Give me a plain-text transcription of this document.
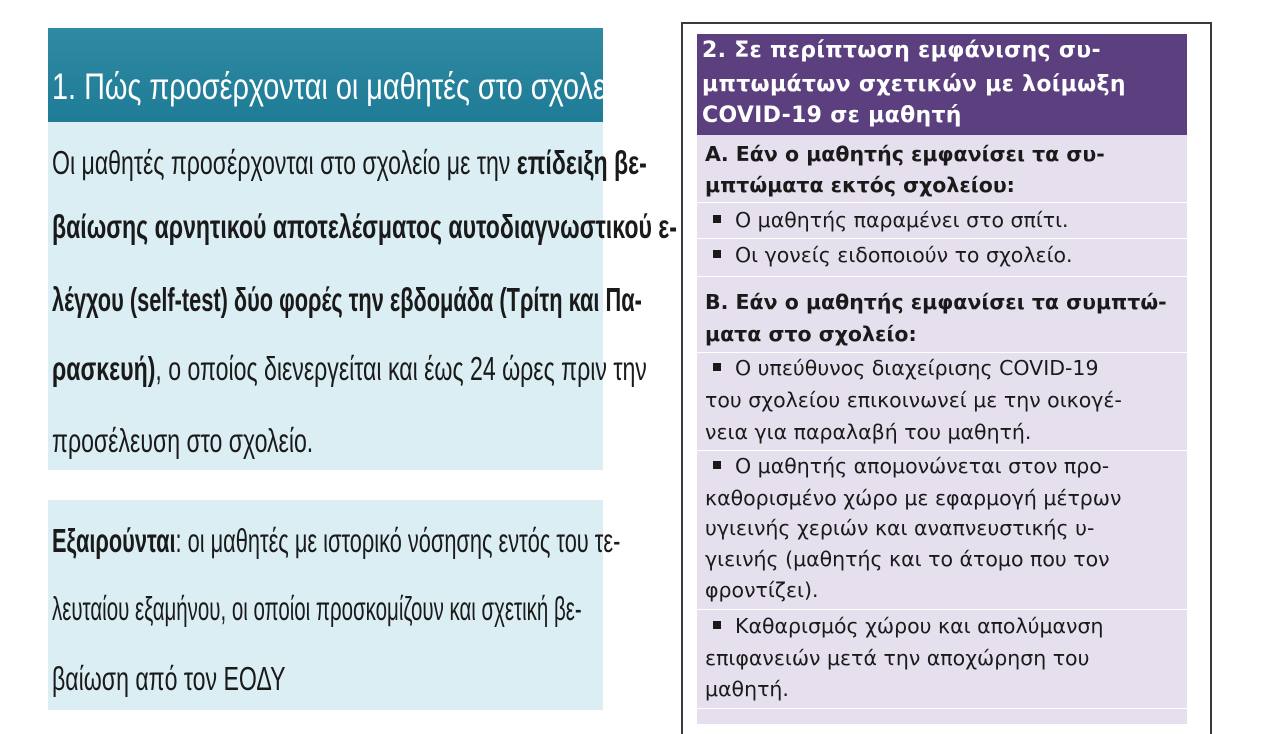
1. Πώς προσέρχονται οι μαθητές στο σχολείο
Οι μαθητές προσέρχονται στο σχολείο με την επίδειξη βε-
βαίωσης αρνητικού αποτελέσματος αυτοδιαγνωστικού ε-
λέγχου (self-test) δύο φορές την εβδομάδα (Τρίτη και Πα-
ρασκευή), ο οποίος διενεργείται και έως 24 ώρες πριν την
προσέλευση στο σχολείο.
Εξαιρούνται: οι μαθητές με ιστορικό νόσησης εντός του τε-
λευταίου εξαμήνου, οι οποίοι προσκομίζουν και σχετική βε-
βαίωση από τον ΕΟΔΥ
2. Σε περίπτωση εμφάνισης συ-
μπτωμάτων σχετικών με λοίμωξη
COVID-19 σε μαθητή
Α. Εάν ο μαθητής εμφανίσει τα συ-
μπτώματα εκτός σχολείου:
Ο μαθητής παραμένει στο σπίτι.
Οι γονείς ειδοποιούν το σχολείο.
Β. Εάν ο μαθητής εμφανίσει τα συμπτώ-
ματα στο σχολείο:
Ο υπεύθυνος διαχείρισης COVID-19
του σχολείου επικοινωνεί με την οικογέ-
νεια για παραλαβή του μαθητή.
Ο μαθητής απομονώνεται στον προ-
καθορισμένο χώρο με εφαρμογή μέτρων
υγιεινής χεριών και αναπνευστικής υ-
γιεινής (μαθητής και το άτομο που τον
φροντίζει).
Καθαρισμός χώρου και απολύμανση
επιφανειών μετά την αποχώρηση του
μαθητή.
